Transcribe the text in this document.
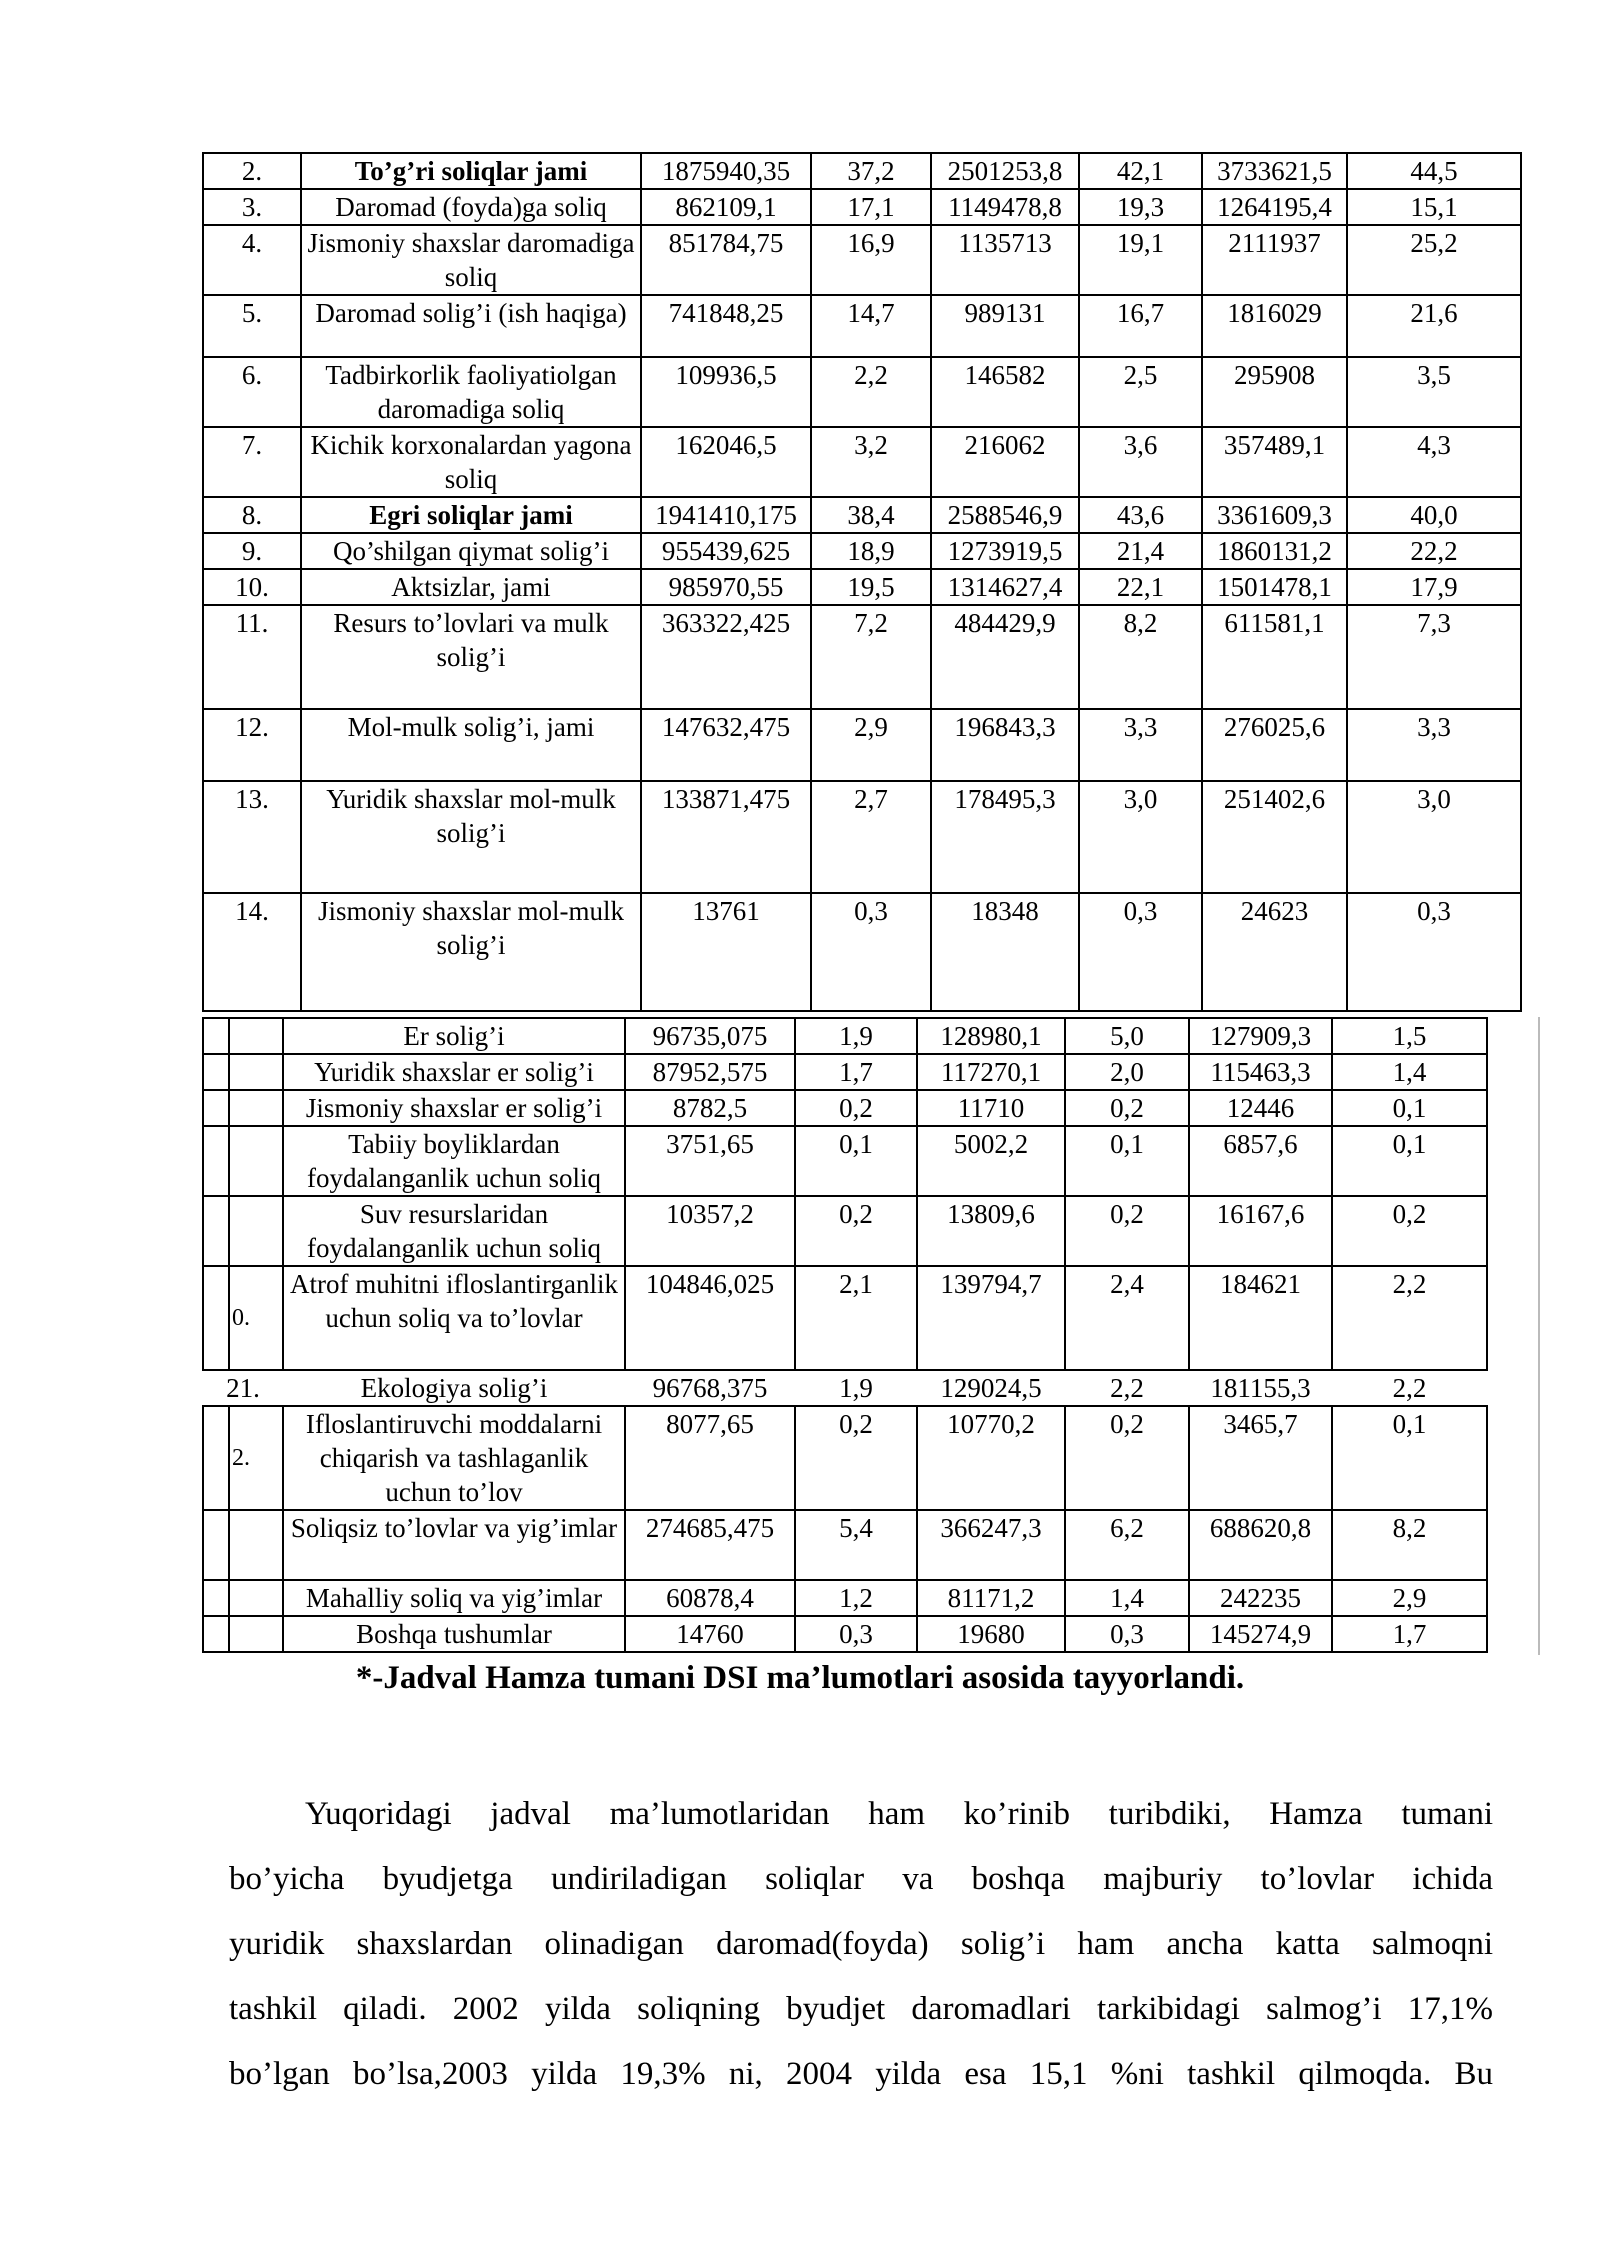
2.	To’g’ri soliqlar jami	1875940,35	37,2	2501253,8	42,1	3733621,5	44,5
3.	Daromad (foyda)ga soliq	862109,1	17,1	1149478,8	19,3	1264195,4	15,1
4.	Jismoniy shaxslar daromadiga soliq	851784,75	16,9	1135713	19,1	2111937	25,2
5.	Daromad solig’i (ish haqiga)	741848,25	14,7	989131	16,7	1816029	21,6
6.	Tadbirkorlik faoliyatiolgan daromadiga soliq	109936,5	2,2	146582	2,5	295908	3,5
7.	Kichik korxonalardan yagona soliq	162046,5	3,2	216062	3,6	357489,1	4,3
8.	Egri soliqlar jami	1941410,175	38,4	2588546,9	43,6	3361609,3	40,0
9.	Qo’shilgan qiymat solig’i	955439,625	18,9	1273919,5	21,4	1860131,2	22,2
10.	Aktsizlar, jami	985970,55	19,5	1314627,4	22,1	1501478,1	17,9
11.	Resurs to’lovlari va mulk solig’i	363322,425	7,2	484429,9	8,2	611581,1	7,3
12.	Mol-mulk solig’i, jami	147632,475	2,9	196843,3	3,3	276025,6	3,3
13.	Yuridik shaxslar mol-mulk solig’i	133871,475	2,7	178495,3	3,0	251402,6	3,0
14.	Jismoniy shaxslar mol-mulk solig’i	13761	0,3	18348	0,3	24623	0,3
		Er solig’i	96735,075	1,9	128980,1	5,0	127909,3	1,5
		Yuridik shaxslar er solig’i	87952,575	1,7	117270,1	2,0	115463,3	1,4
		Jismoniy shaxslar er solig’i	8782,5	0,2	11710	0,2	12446	0,1
		Tabiiy boyliklardan foydalanganlik uchun soliq	3751,65	0,1	5002,2	0,1	6857,6	0,1
		Suv resurslaridan foydalanganlik uchun soliq	10357,2	0,2	13809,6	0,2	16167,6	0,2
	0.	Atrof muhitni ifloslantirganlik uchun soliq va to’lovlar	104846,025	2,1	139794,7	2,4	184621	2,2
21.		Ekologiya solig’i	96768,375	1,9	129024,5	2,2	181155,3	2,2
	2.	Ifloslantiruvchi moddalarni chiqarish va tashlaganlik uchun to’lov	8077,65	0,2	10770,2	0,2	3465,7	0,1
		Soliqsiz to’lovlar va yig’imlar	274685,475	5,4	366247,3	6,2	688620,8	8,2
		Mahalliy soliq va yig’imlar	60878,4	1,2	81171,2	1,4	242235	2,9
		Boshqa tushumlar	14760	0,3	19680	0,3	145274,9	1,7
*-Jadval Hamza tumani DSI ma’lumotlari asosida tayyorlandi.

Yuqoridagi jadval ma’lumotlaridan ham ko’rinib turibdiki, Hamza tumani
bo’yicha byudjetga undiriladigan soliqlar va boshqa majburiy to’lovlar ichida
yuridik shaxslardan olinadigan daromad(foyda) solig’i ham ancha katta salmoqni
tashkil qiladi. 2002 yilda soliqning byudjet daromadlari tarkibidagi salmog’i 17,1%
bo’lgan bo’lsa,2003 yilda 19,3% ni, 2004 yilda esa 15,1 %ni tashkil qilmoqda. Bu
